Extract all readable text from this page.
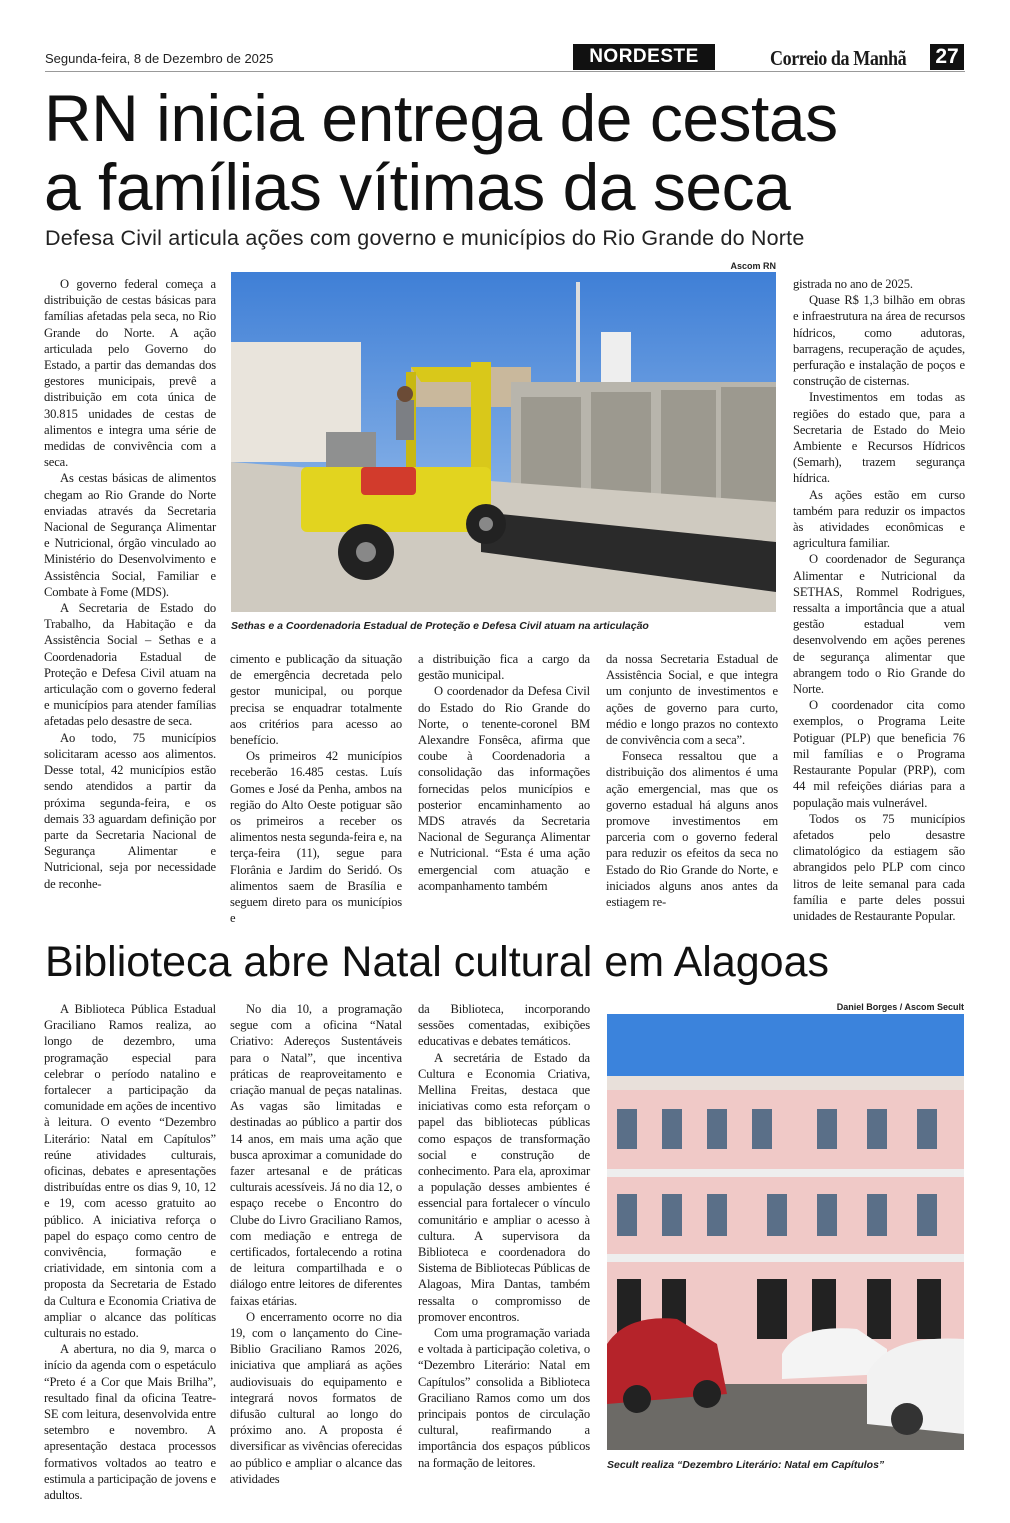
Segunda-feira, 8 de Dezembro de 2025	NORDESTE	Correio da Manhã 27
RN inicia entrega de cestas
a famílias vítimas da seca
Defesa Civil articula ações com governo e municípios do Rio Grande do Norte

O governo federal começa a distribuição de cestas básicas para famílias afetadas pela seca, no Rio Grande do Norte. A ação articulada pelo Governo do Estado, a partir das demandas dos gestores municipais, prevê a distribuição em cota única de 30.815 unidades de cestas de alimentos e integra uma série de medidas de convivência com a seca.

As cestas básicas de alimentos chegam ao Rio Grande do Norte enviadas através da Secretaria Nacional de Segurança Alimentar e Nutricional, órgão vinculado ao Ministério do Desenvolvimento e Assistência Social, Familiar e Combate à Fome (MDS).

A Secretaria de Estado do Trabalho, da Habitação e da Assistência Social – Sethas e a Coordenadoria Estadual de Proteção e Defesa Civil atuam na articulação com o governo federal e municípios para atender famílias afetadas pelo desastre de seca.

Ao todo, 75 municípios solicitaram acesso aos alimentos. Desse total, 42 municípios estão sendo atendidos a partir da próxima segunda-feira, e os demais 33 aguardam definição por parte da Secretaria Nacional de Segurança Alimentar e Nutricional, seja por necessidade de reconhe-

Ascom RN
Sethas e a Coordenadoria Estadual de Proteção e Defesa Civil atuam na articulação

cimento e publicação da situação de emergência decretada pelo gestor municipal, ou porque precisa se enquadrar totalmente aos critérios para acesso ao benefício.

Os primeiros 42 municípios receberão 16.485 cestas. Luís Gomes e José da Penha, ambos na região do Alto Oeste potiguar são os primeiros a receber os alimentos nesta segunda-feira e, na terça-feira (11), segue para Florânia e Jardim do Seridó. Os alimentos saem de Brasília e seguem direto para os municípios e

a distribuição fica a cargo da gestão municipal.

O coordenador da Defesa Civil do Estado do Rio Grande do Norte, o tenente-coronel BM Alexandre Fonsêca, afirma que coube à Coordenadoria a consolidação das informações fornecidas pelos municípios e posterior encaminhamento ao MDS através da Secretaria Nacional de Segurança Alimentar e Nutricional. “Esta é uma ação emergencial com atuação e acompanhamento também

da nossa Secretaria Estadual de Assistência Social, e que integra um conjunto de investimentos e ações de governo para curto, médio e longo prazos no contexto de convivência com a seca”.

Fonseca ressaltou que a distribuição dos alimentos é uma ação emergencial, mas que os governo estadual há alguns anos promove investimentos em parceria com o governo federal para reduzir os efeitos da seca no Estado do Rio Grande do Norte, e iniciados alguns anos antes da estiagem re-

gistrada no ano de 2025.

Quase R$ 1,3 bilhão em obras e infraestrutura na área de recursos hídricos, como adutoras, barragens, recuperação de açudes, perfuração e instalação de poços e construção de cisternas.

Investimentos em todas as regiões do estado que, para a Secretaria de Estado do Meio Ambiente e Recursos Hídricos (Semarh), trazem segurança hídrica.

As ações estão em curso também para reduzir os impactos às atividades econômicas e agricultura familiar.

O coordenador de Segurança Alimentar e Nutricional da SETHAS, Rommel Rodrigues, ressalta a importância que a atual gestão estadual vem desenvolvendo em ações perenes de segurança alimentar que abrangem todo o Rio Grande do Norte.

O coordenador cita como exemplos, o Programa Leite Potiguar (PLP) que beneficia 76 mil famílias e o Programa Restaurante Popular (PRP), com 44 mil refeições diárias para a população mais vulnerável.

Todos os 75 municípios afetados pelo desastre climatológico da estiagem são abrangidos pelo PLP com cinco litros de leite semanal para cada família e parte deles possui unidades de Restaurante Popular.

Biblioteca abre Natal cultural em Alagoas

A Biblioteca Pública Estadual Graciliano Ramos realiza, ao longo de dezembro, uma programação especial para celebrar o período natalino e fortalecer a participação da comunidade em ações de incentivo à leitura. O evento “Dezembro Literário: Natal em Capítulos” reúne atividades culturais, oficinas, debates e apresentações distribuídas entre os dias 9, 10, 12 e 19, com acesso gratuito ao público. A iniciativa reforça o papel do espaço como centro de convivência, formação e criatividade, em sintonia com a proposta da Secretaria de Estado da Cultura e Economia Criativa de ampliar o alcance das políticas culturais no estado.

A abertura, no dia 9, marca o início da agenda com o espetáculo “Preto é a Cor que Mais Brilha”, resultado final da oficina Teatre-SE com leitura, desenvolvida entre setembro e novembro. A apresentação destaca processos formativos voltados ao teatro e estimula a participação de jovens e adultos.

No dia 10, a programação segue com a oficina “Natal Criativo: Adereços Sustentáveis para o Natal”, que incentiva práticas de reaproveitamento e criação manual de peças natalinas. As vagas são limitadas e destinadas ao público a partir dos 14 anos, em mais uma ação que busca aproximar a comunidade do fazer artesanal e de práticas culturais acessíveis. Já no dia 12, o espaço recebe o Encontro do Clube do Livro Graciliano Ramos, com mediação e entrega de certificados, fortalecendo a rotina de leitura compartilhada e o diálogo entre leitores de diferentes faixas etárias.

O encerramento ocorre no dia 19, com o lançamento do Cine-Biblio Graciliano Ramos 2026, iniciativa que ampliará as ações audiovisuais do equipamento e integrará novos formatos de difusão cultural ao longo do próximo ano. A proposta é diversificar as vivências oferecidas ao público e ampliar o alcance das atividades

da Biblioteca, incorporando sessões comentadas, exibições educativas e debates temáticos.

A secretária de Estado da Cultura e Economia Criativa, Mellina Freitas, destaca que iniciativas como esta reforçam o papel das bibliotecas públicas como espaços de transformação social e construção de conhecimento. Para ela, aproximar a população desses ambientes é essencial para fortalecer o vínculo comunitário e ampliar o acesso à cultura. A supervisora da Biblioteca e coordenadora do Sistema de Bibliotecas Públicas de Alagoas, Mira Dantas, também ressalta o compromisso de promover encontros.

Com uma programação variada e voltada à participação coletiva, o “Dezembro Literário: Natal em Capítulos” consolida a Biblioteca Graciliano Ramos como um dos principais pontos de circulação cultural, reafirmando a importância dos espaços públicos na formação de leitores.

Daniel Borges / Ascom Secult
Secult realiza “Dezembro Literário: Natal em Capítulos”
